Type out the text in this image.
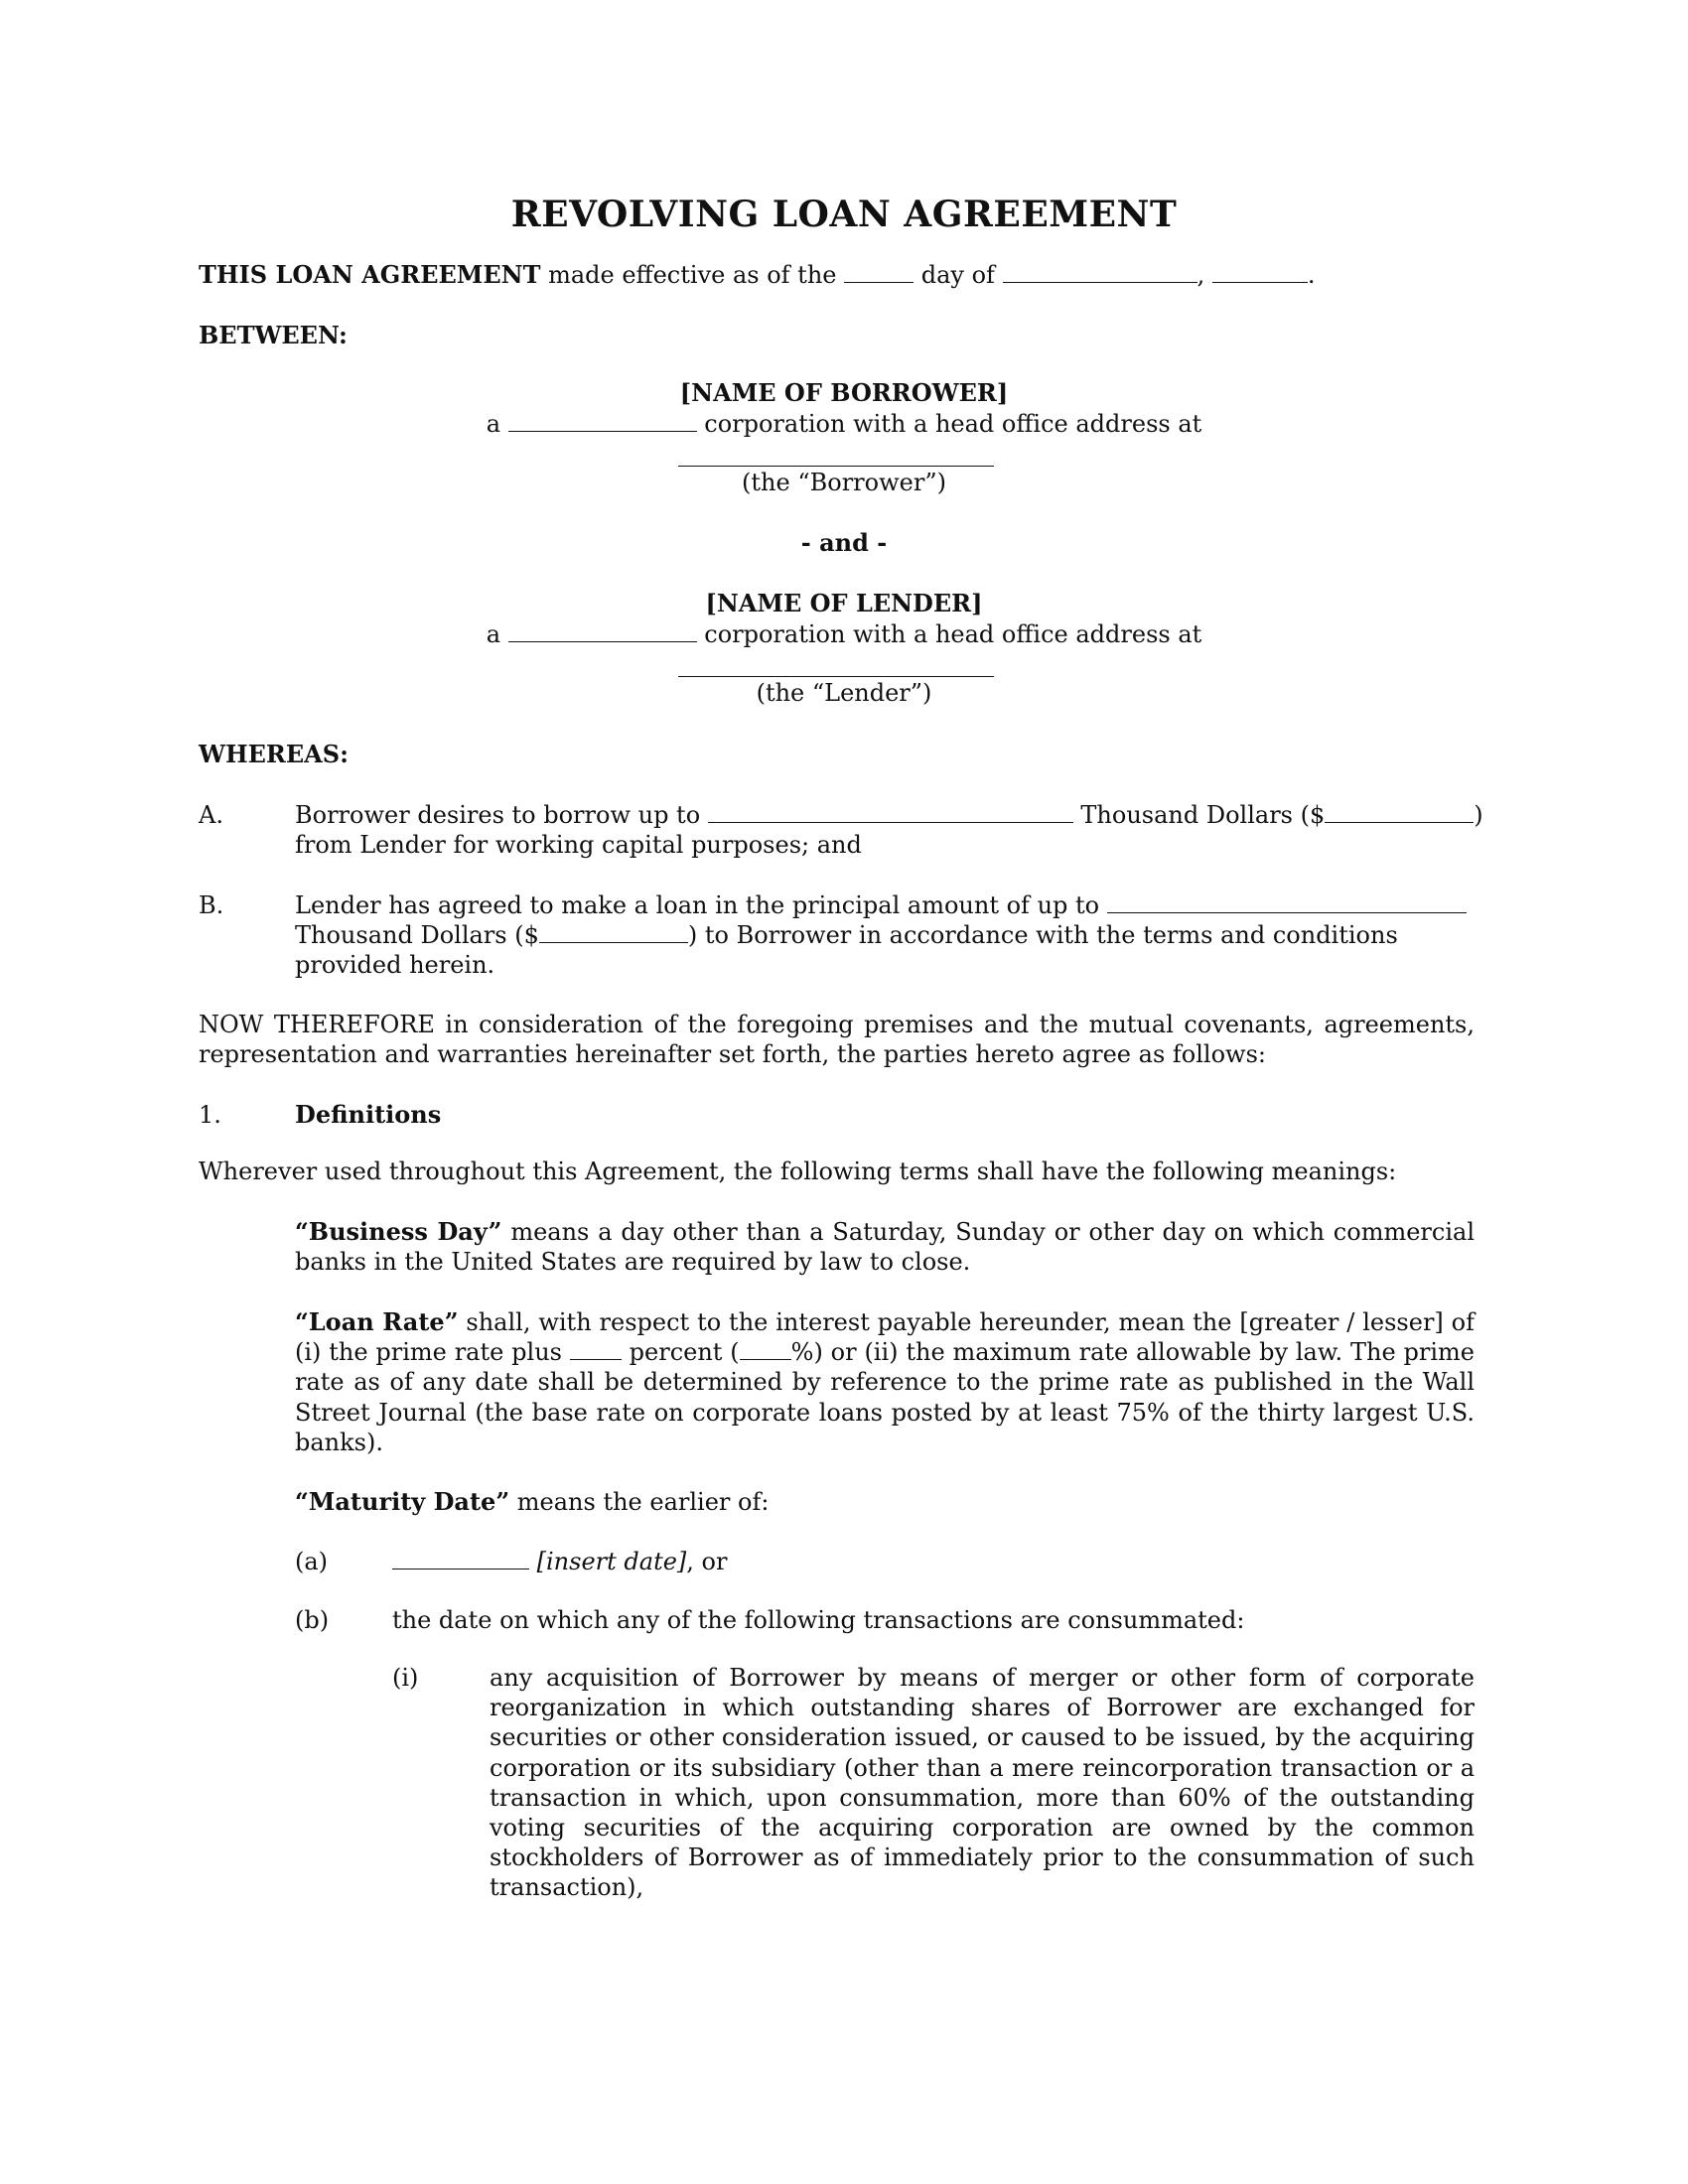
REVOLVING LOAN AGREEMENT
THIS LOAN AGREEMENT made effective as of the	day of	,	.
BETWEEN:
[NAME OF BORROWER]
a	corporation with a head office address at
(the “Borrower”)
- and -
[NAME OF LENDER]
a	corporation with a head office address at
(the “Lender”)
WHEREAS:
A.	Borrower desires to borrow up to	Thousand Dollars ($	)
from Lender for working capital purposes; and
B.	Lender has agreed to make a loan in the principal amount of up to
Thousand Dollars ($	) to Borrower in accordance with the terms and conditions
provided herein.
NOW THEREFORE in consideration of the foregoing premises and the mutual covenants, agreements, representation and warranties hereinafter set forth, the parties hereto agree as follows:
1.	Definitions
Wherever used throughout this Agreement, the following terms shall have the following meanings:
“Business Day” means a day other than a Saturday, Sunday or other day on which commercial banks in the United States are required by law to close.
“Loan Rate” shall, with respect to the interest payable hereunder, mean the [greater / lesser] of (i) the prime rate plus  percent ( %) or (ii) the maximum rate allowable by law. The prime rate as of any date shall be determined by reference to the prime rate as published in the Wall Street Journal (the base rate on corporate loans posted by at least 75% of the thirty largest U.S. banks).
“Maturity Date” means the earlier of:
(a)	[insert date], or
(b)	the date on which any of the following transactions are consummated:
(i)	any acquisition of Borrower by means of merger or other form of corporate reorganization in which outstanding shares of Borrower are exchanged for securities or other consideration issued, or caused to be issued, by the acquiring corporation or its subsidiary (other than a mere reincorporation transaction or a transaction in which, upon consummation, more than 60% of the outstanding voting securities of the acquiring corporation are owned by the common stockholders of Borrower as of immediately prior to the consummation of such transaction),
